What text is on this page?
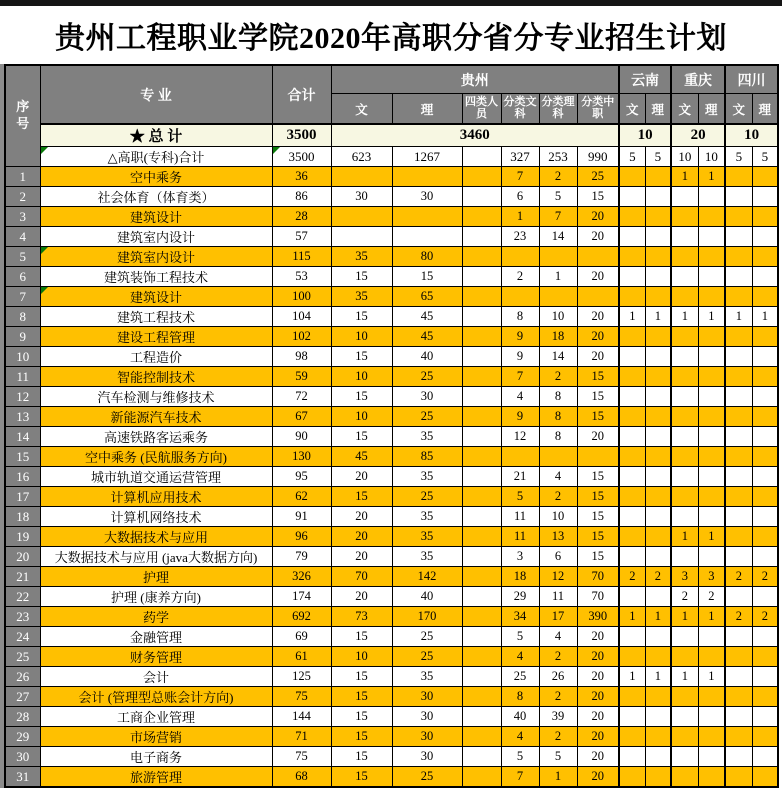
贵州工程职业学院2020年高职分省分专业招生计划
序号	专 业	合计	贵州						云南		重庆		四川	
			文	理	四类人员	分类文科	分类理科	分类中职	文	理	文	理	文	理
	★ 总 计	3500	3460						10		20		10	
	△高职(专科)合计	3500	623	1267		327	253	990	5	5	10	10	5	5
1	空中乘务	36				7	2	25			1	1		
2	社会体育（体育类）	86	30	30		6	5	15						
3	建筑设计	28				1	7	20						
4	建筑室内设计	57				23	14	20						
5	建筑室内设计	115	35	80										
6	建筑装饰工程技术	53	15	15		2	1	20						
7	建筑设计	100	35	65										
8	建筑工程技术	104	15	45		8	10	20	1	1	1	1	1	1
9	建设工程管理	102	10	45		9	18	20						
10	工程造价	98	15	40		9	14	20						
11	智能控制技术	59	10	25		7	2	15						
12	汽车检测与维修技术	72	15	30		4	8	15						
13	新能源汽车技术	67	10	25		9	8	15						
14	高速铁路客运乘务	90	15	35		12	8	20						
15	空中乘务 (民航服务方向)	130	45	85										
16	城市轨道交通运营管理	95	20	35		21	4	15						
17	计算机应用技术	62	15	25		5	2	15						
18	计算机网络技术	91	20	35		11	10	15						
19	大数据技术与应用	96	20	35		11	13	15			1	1		
20	大数据技术与应用 (java大数据方向)	79	20	35		3	6	15						
21	护理	326	70	142		18	12	70	2	2	3	3	2	2
22	护理 (康养方向)	174	20	40		29	11	70			2	2		
23	药学	692	73	170		34	17	390	1	1	1	1	2	2
24	金融管理	69	15	25		5	4	20						
25	财务管理	61	10	25		4	2	20						
26	会计	125	15	35		25	26	20	1	1	1	1		
27	会计 (管理型总账会计方向)	75	15	30		8	2	20						
28	工商企业管理	144	15	30		40	39	20						
29	市场营销	71	15	30		4	2	20						
30	电子商务	75	15	30		5	5	20						
31	旅游管理	68	15	25		7	1	20						
